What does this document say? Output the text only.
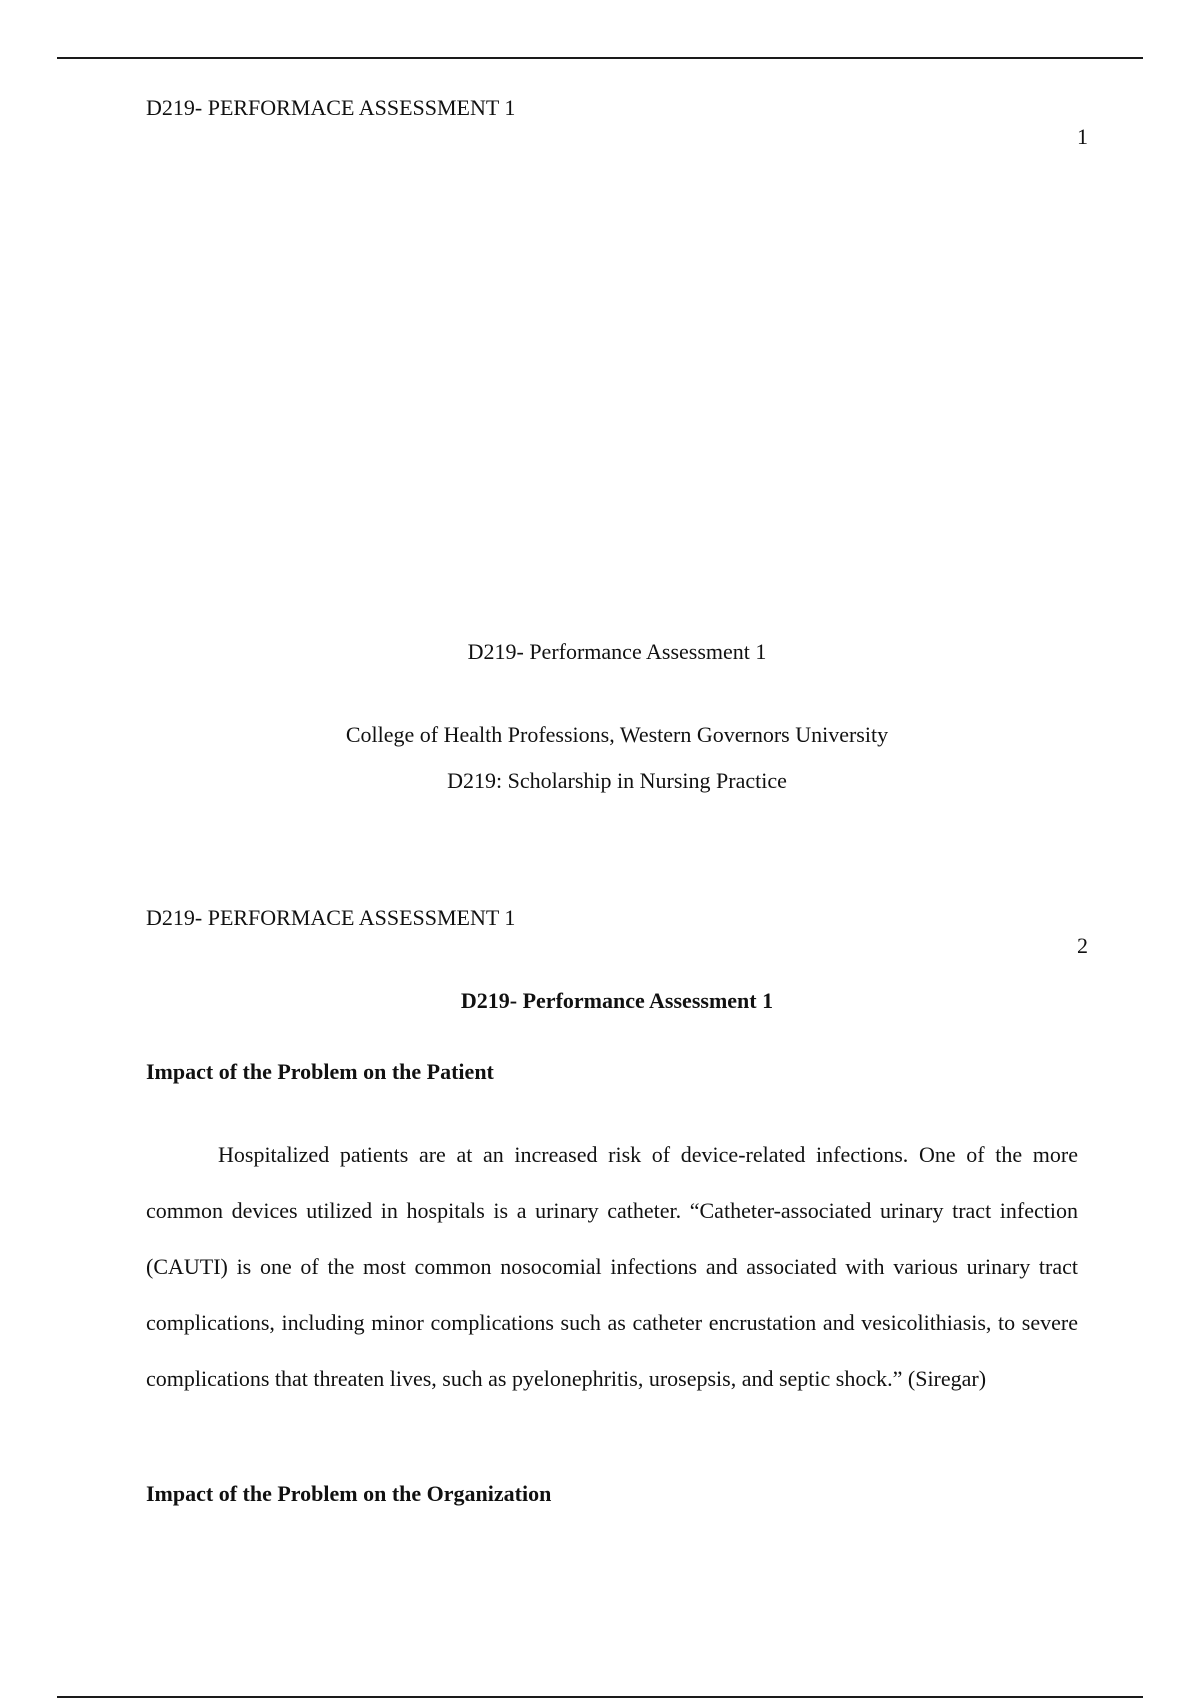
D219- PERFORMACE ASSESSMENT 1

1

D219- Performance Assessment 1

College of Health Professions, Western Governors University

D219: Scholarship in Nursing Practice

D219- PERFORMACE ASSESSMENT 1

2

D219- Performance Assessment 1

Impact of the Problem on the Patient

Hospitalized patients are at an increased risk of device-related infections. One of the more common devices utilized in hospitals is a urinary catheter. “Catheter-associated urinary tract infection (CAUTI) is one of the most common nosocomial infections and associated with various urinary tract complications, including minor complications such as catheter encrustation and vesicolithiasis, to severe complications that threaten lives, such as pyelonephritis, urosepsis, and septic shock.” (Siregar)

Impact of the Problem on the Organization
